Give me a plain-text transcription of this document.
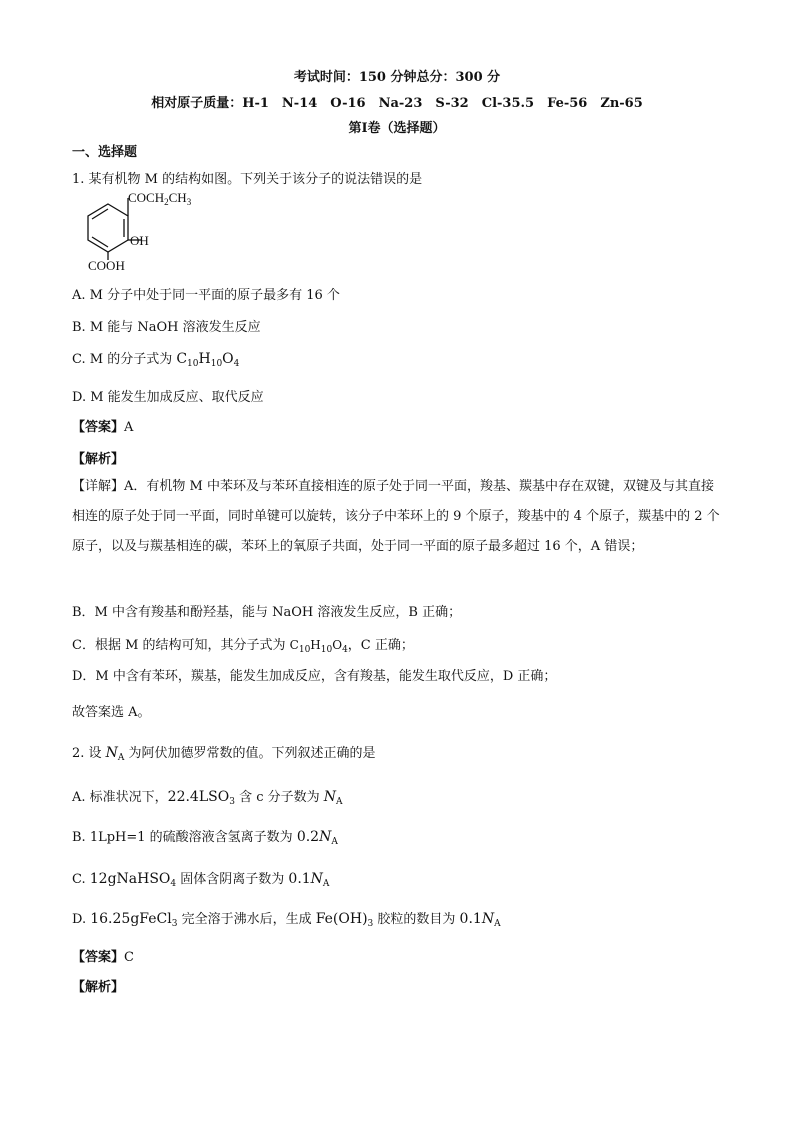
考试时间：150 分钟总分：300 分
相对原子质量：H-1　N-14　O-16　Na-23　S-32　Cl-35.5　Fe-56　Zn-65
第Ⅰ卷（选择题）
一、选择题
1. 某有机物 M 的结构如图。下列关于该分子的说法错误的是
$COCH_2CH_3$
OH
COOH
A. M 分子中处于同一平面的原子最多有 16 个
B. M 能与 NaOH 溶液发生反应
C. M 的分子式为 $C_{10}H_{10}O_4$
D. M 能发生加成反应、取代反应
【答案】A
【解析】
【详解】A．有机物 M 中苯环及与苯环直接相连的原子处于同一平面，羧基、羰基中存在双键，双键及与其直接相连的原子处于同一平面，同时单键可以旋转，该分子中苯环上的 9 个原子，羧基中的 4 个原子，羰基中的 2 个原子，以及与羰基相连的碳，苯环上的氧原子共面，处于同一平面的原子最多超过 16 个，A 错误；
B．M 中含有羧基和酚羟基，能与 NaOH 溶液发生反应，B 正确；
C．根据 M 的结构可知，其分子式为 $C_{10}H_{10}O_4$，C 正确；
D．M 中含有苯环，羰基，能发生加成反应，含有羧基，能发生取代反应，D 正确；
故答案选 A。
2. 设 $N_A$ 为阿伏加德罗常数的值。下列叙述正确的是
A. 标准状况下，$22.4LSO_3$ 含 c 分子数为 $N_A$
B. 1LpH=1 的硫酸溶液含氢离子数为 $0.2N_A$
C. 12gNaHSO$_4$ 固体含阴离子数为 $0.1N_A$
D. 16.25gFeCl$_3$ 完全溶于沸水后，生成 $Fe(OH)_3$ 胶粒的数目为 $0.1N_A$
【答案】C
【解析】
